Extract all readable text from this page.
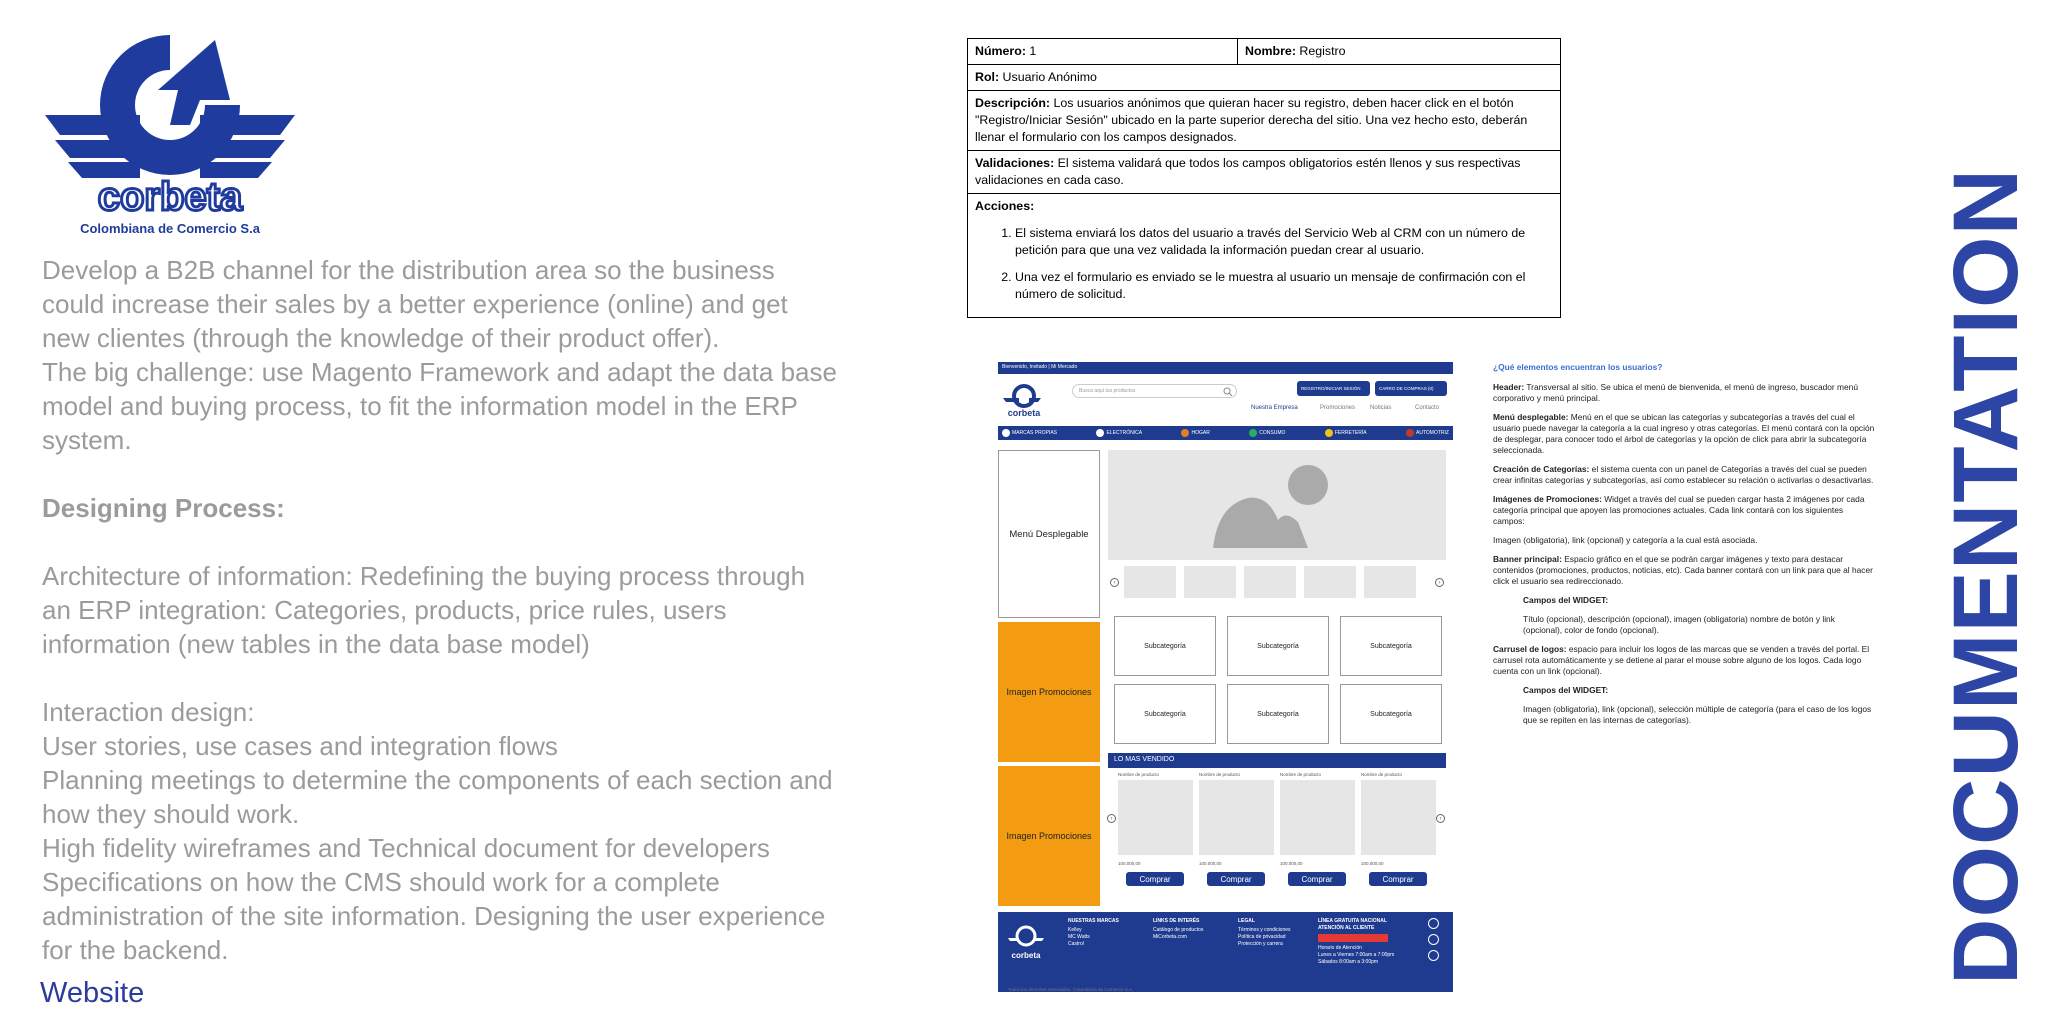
corbeta
Colombiana de Comercio S.a
Develop a B2B channel for the distribution area so the business
could increase their sales by a better experience (online) and get
new clientes (through the knowledge of their product offer).
The big challenge: use Magento Framework and adapt the data base
model and buying process, to fit the information model in the ERP
system.
Designing Process:
Architecture of information: Redefining the buying process through
an ERP integration: Categories, products, price rules, users
information (new tables in the data base model)
Interaction design:
User stories, use cases and integration flows
Planning meetings to determine the components of each section and
how they should work.
High fidelity wireframes and Technical document for developers
Specifications on how the CMS should work for a complete
administration of the site information. Designing the user experience
for the backend.
Website
DOCUMENTATION
Número: 1	Nombre: Registro
Rol: Usuario Anónimo
Descripción: Los usuarios anónimos que quieran hacer su registro, deben hacer click en el botón "Registro/Iniciar Sesión" ubicado en la parte superior derecha del sitio. Una vez hecho esto, deberán llenar el formulario con los campos designados.
Validaciones: El sistema validará que todos los campos obligatorios estén llenos y sus respectivas validaciones en cada caso.
Acciones:
1. El sistema enviará los datos del usuario a través del Servicio Web al CRM con un número de petición para que una vez validada la información puedan crear al usuario.
2. Una vez el formulario es enviado se le muestra al usuario un mensaje de confirmación con el número de solicitud.
Bienvenido, Invitado | Mi Mercado
corbeta
Busca aquí tus productos	REGISTRO/INICIAR SESIÓN	CARRO DE COMPRAS (0)
Nuestra Empresa	Promociones Noticias	Contacto
MARCAS PROPIAS	ELECTRÓNICA	HOGAR	CONSUMO	FERRETERÍA	AUTOMOTRIZ
Menú Desplegable
Imagen Promociones
Imagen Promociones
‹	›
Subcategoría	Subcategoría	Subcategoría
Subcategoría	Subcategoría	Subcategoría
LO MAS VENDIDO
‹
Nombre de producto
100.000,00
Comprar
Nombre de producto
100.000,00
Comprar
Nombre de producto
100.000,00
Comprar
Nombre de producto
100.000,00
Comprar
›
corbeta
NUESTRAS MARCAS
Kelley
MC Watts
Castrol
LINKS DE INTERÉS
Catálogo de productos
MiCorbeta.com
LEGAL
Términos y condiciones
Política de privacidad
Protección y carrera
LÍNEA GRATUITA NACIONAL ATENCIÓN AL CLIENTE
Horario de Atención
Lunes a Viernes 7:00am a 7:00pm
Sábados 8:00am a 3:00pm
Todos los derechos reservados. Colombiana de Comercio S.A.
¿Qué elementos encuentran los usuarios?

Header: Transversal al sitio. Se ubica el menú de bienvenida, el menú de ingreso, buscador menú corporativo y menú principal.

Menú desplegable: Menú en el que se ubican las categorías y subcategorías a través del cual el usuario puede navegar la categoría a la cual ingreso y otras categorías. El menú contará con la opción de desplegar, para conocer todo el árbol de categorías y la opción de click para abrir la subcategoría seleccionada.

Creación de Categorías: el sistema cuenta con un panel de Categorías a través del cual se pueden crear infinitas categorías y subcategorías, así como establecer su relación o activarlas o desactivarlas.

Imágenes de Promociones: Widget a través del cual se pueden cargar hasta 2 imágenes por cada categoría principal que apoyen las promociones actuales. Cada link contará con los siguientes campos:

Imagen (obligatoria), link (opcional) y categoría a la cual está asociada.

Banner principal: Espacio gráfico en el que se podrán cargar imágenes y texto para destacar contenidos (promociones, productos, noticias, etc). Cada banner contará con un link para que al hacer click el usuario sea redireccionado.

Campos del WIDGET:

Título (opcional), descripción (opcional), imagen (obligatoria) nombre de botón y link (opcional), color de fondo (opcional).

Carrusel de logos: espacio para incluir los logos de las marcas que se venden a través del portal. El carrusel rota automáticamente y se detiene al parar el mouse sobre alguno de los logos. Cada logo cuenta con un link (opcional).

Campos del WIDGET:

Imagen (obligatoria), link (opcional), selección múltiple de categoría (para el caso de los logos que se repiten en las internas de categorías).
